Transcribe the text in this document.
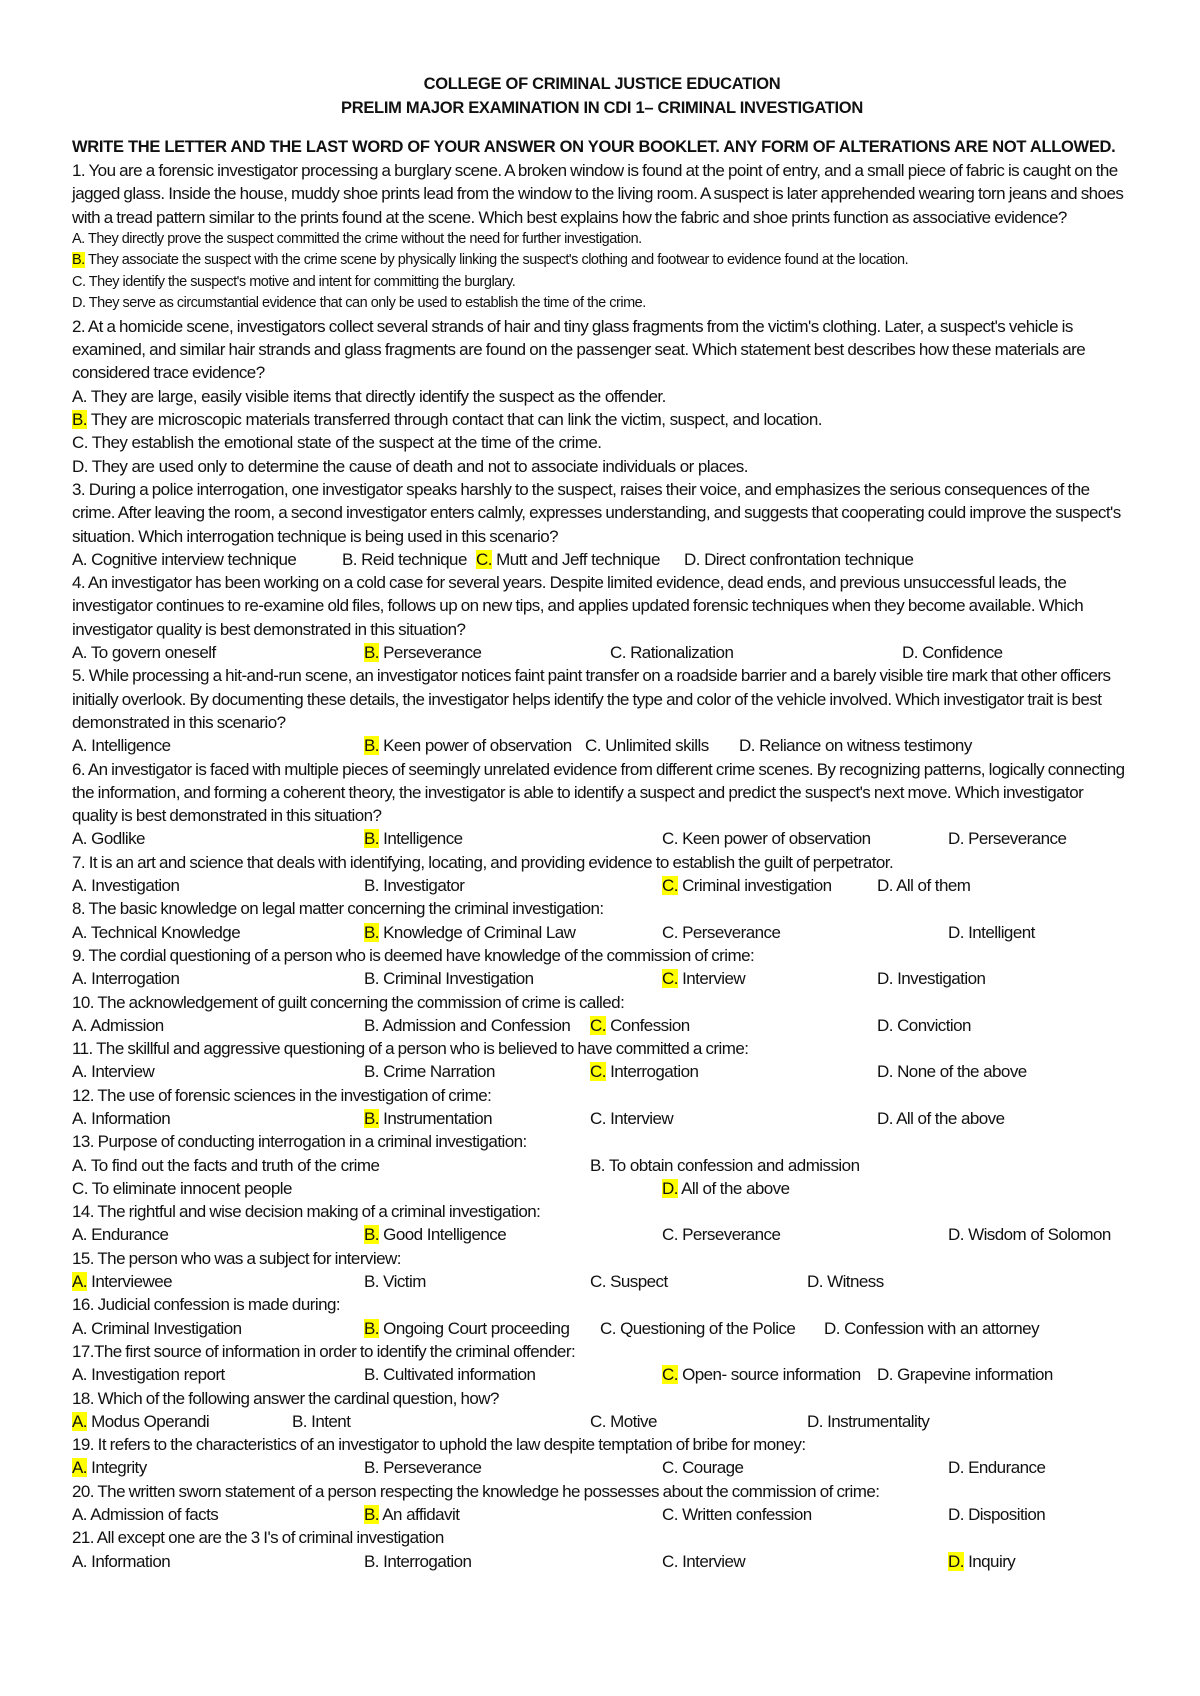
COLLEGE OF CRIMINAL JUSTICE EDUCATION
PRELIM MAJOR EXAMINATION IN CDI 1– CRIMINAL INVESTIGATION
WRITE THE LETTER AND THE LAST WORD OF YOUR ANSWER ON YOUR BOOKLET. ANY FORM OF ALTERATIONS ARE NOT ALLOWED.
1. You are a forensic investigator processing a burglary scene. A broken window is found at the point of entry, and a small piece of fabric is caught on the jagged glass. Inside the house, muddy shoe prints lead from the window to the living room. A suspect is later apprehended wearing torn jeans and shoes with a tread pattern similar to the prints found at the scene. Which best explains how the fabric and shoe prints function as associative evidence?
A. They directly prove the suspect committed the crime without the need for further investigation.
B. They associate the suspect with the crime scene by physically linking the suspect's clothing and footwear to evidence found at the location.
C. They identify the suspect's motive and intent for committing the burglary.
D. They serve as circumstantial evidence that can only be used to establish the time of the crime.
2. At a homicide scene, investigators collect several strands of hair and tiny glass fragments from the victim's clothing. Later, a suspect's vehicle is examined, and similar hair strands and glass fragments are found on the passenger seat. Which statement best describes how these materials are considered trace evidence?
A. They are large, easily visible items that directly identify the suspect as the offender.
B. They are microscopic materials transferred through contact that can link the victim, suspect, and location.
C. They establish the emotional state of the suspect at the time of the crime.
D. They are used only to determine the cause of death and not to associate individuals or places.
3. During a police interrogation, one investigator speaks harshly to the suspect, raises their voice, and emphasizes the serious consequences of the crime. After leaving the room, a second investigator enters calmly, expresses understanding, and suggests that cooperating could improve the suspect's situation. Which interrogation technique is being used in this scenario?
A. Cognitive interview technique	B. Reid technique C. Mutt and Jeff technique D. Direct confrontation technique
4. An investigator has been working on a cold case for several years. Despite limited evidence, dead ends, and previous unsuccessful leads, the investigator continues to re-examine old files, follows up on new tips, and applies updated forensic techniques when they become available. Which investigator quality is best demonstrated in this situation?
A. To govern oneself	B. Perseverance	C. Rationalization	D. Confidence
5. While processing a hit-and-run scene, an investigator notices faint paint transfer on a roadside barrier and a barely visible tire mark that other officers initially overlook. By documenting these details, the investigator helps identify the type and color of the vehicle involved. Which investigator trait is best demonstrated in this scenario?
A. Intelligence	B. Keen power of observation C. Unlimited skills D. Reliance on witness testimony
6. An investigator is faced with multiple pieces of seemingly unrelated evidence from different crime scenes. By recognizing patterns, logically connecting the information, and forming a coherent theory, the investigator is able to identify a suspect and predict the suspect's next move. Which investigator quality is best demonstrated in this situation?
A. Godlike	B. Intelligence	C. Keen power of observation	D. Perseverance
7. It is an art and science that deals with identifying, locating, and providing evidence to establish the guilt of perpetrator.
A. Investigation	B. Investigator	C. Criminal investigation	D. All of them
8. The basic knowledge on legal matter concerning the criminal investigation:
A. Technical Knowledge	B. Knowledge of Criminal Law	C. Perseverance	D. Intelligent
9. The cordial questioning of a person who is deemed have knowledge of the commission of crime:
A. Interrogation	B. Criminal Investigation	C. Interview	D. Investigation
10. The acknowledgement of guilt concerning the commission of crime is called:
A. Admission	B. Admission and Confession C. Confession	D. Conviction
11. The skillful and aggressive questioning of a person who is believed to have committed a crime:
A. Interview	B. Crime Narration	C. Interrogation	D. None of the above
12. The use of forensic sciences in the investigation of crime:
A. Information	B. Instrumentation	C. Interview	D. All of the above
13. Purpose of conducting interrogation in a criminal investigation:
A. To find out the facts and truth of the crime	B. To obtain confession and admission
C. To eliminate innocent people	D. All of the above
14. The rightful and wise decision making of a criminal investigation:
A. Endurance	B. Good Intelligence	C. Perseverance	D. Wisdom of Solomon
15. The person who was a subject for interview:
A. Interviewee	B. Victim	C. Suspect	D. Witness
16. Judicial confession is made during:
A. Criminal Investigation	B. Ongoing Court proceeding C. Questioning of the Police D. Confession with an attorney
17.The first source of information in order to identify the criminal offender:
A. Investigation report	B. Cultivated information	C. Open- source information D. Grapevine information
18. Which of the following answer the cardinal question, how?
A. Modus Operandi	B. Intent	C. Motive	D. Instrumentality
19. It refers to the characteristics of an investigator to uphold the law despite temptation of bribe for money:
A. Integrity	B. Perseverance	C. Courage	D. Endurance
20. The written sworn statement of a person respecting the knowledge he possesses about the commission of crime:
A. Admission of facts	B. An affidavit	C. Written confession	D. Disposition
21. All except one are the 3 I's of criminal investigation
A. Information	B. Interrogation	C. Interview	D. Inquiry
